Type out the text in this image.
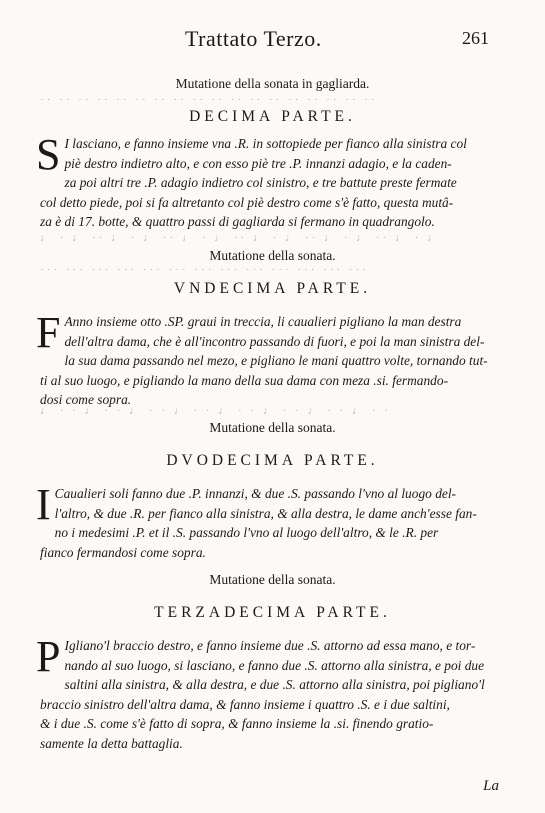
Trattato Terzo.	261
Mutatione della sonata in gagliarda.
·· ·· ·· ·· ·· ·· ·· ·· ·· ·· ·· ·· ·· ·· ·· ·· ·· ··
DECIMA PARTE.
S I lasciano, e fanno insieme vna .R. in sottopiede per fianco alla sinistra col
piè destro indietro alto, e con esso piè tre .P. innanzi adagio, e la caden-
za poi altri tre .P. adagio indietro col sinistro, e tre battute preste fermate
col detto piede, poi si fa altretanto col piè destro come s'è fatto, questa mutâ-
za è di 17. botte, & quattro passi di gagliarda si fermano in quadrangolo.
♩ · ♩ ·· ♩ · ♩ ·· ♩ · ♩ ·· ♩ · ♩ ·· ♩ · ♩ ·· ♩ · ♩
Mutatione della sonata.
··· ··· ··· ··· ··· ··· ··· ··· ··· ··· ··· ··· ···
VNDECIMA PARTE.
F Anno insieme otto .SP. graui in treccia, li caualieri pigliano la man destra
dell'altra dama, che è all'incontro passando di fuori, e poi la man sinistra del-
la sua dama passando nel mezo, e pigliano le mani quattro volte, tornando tut-
ti al suo luogo, e pigliando la mano della sua dama con meza .si. fermando-
dosi come sopra.
♩ · · ♩ · · ♩ · · ♩ · · ♩ · · ♩ · · ♩ · · ♩ · ·
Mutatione della sonata.
DVODECIMA PARTE.
I Caualieri soli fanno due .P. innanzi, & due .S. passando l'vno al luogo del-
l'altro, & due .R. per fianco alla sinistra, & alla destra, le dame anch'esse fan-
no i medesimi .P. et il .S. passando l'vno al luogo dell'altro, & le .R. per
fianco fermandosi come sopra.
Mutatione della sonata.
TERZADECIMA PARTE.
P Igliano'l braccio destro, e fanno insieme due .S. attorno ad essa mano, e tor-
nando al suo luogo, si lasciano, e fanno due .S. attorno alla sinistra, e poi due
saltini alla sinistra, & alla destra, e due .S. attorno alla sinistra, poi pigliano'l
braccio sinistro dell'altra dama, & fanno insieme i quattro .S. e i due saltini,
& i due .S. come s'è fatto di sopra, & fanno insieme la .si. finendo gratio-
samente la detta battaglia.
La
